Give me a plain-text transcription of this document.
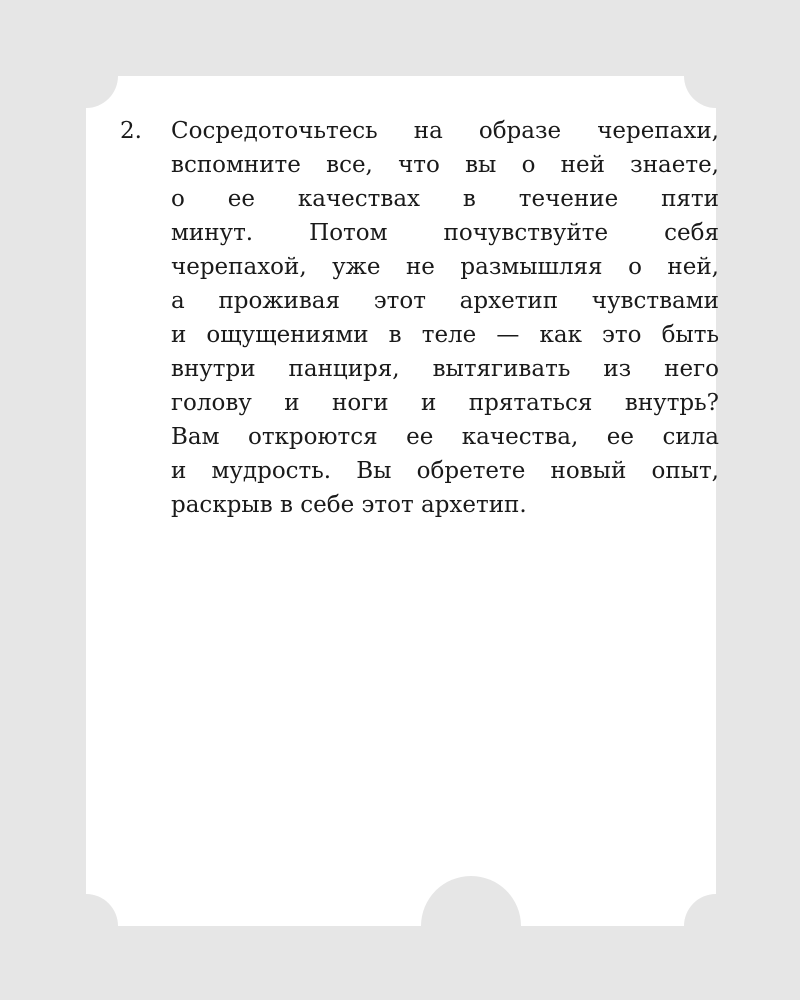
2. Сосредоточьтесь на образе черепахи,
вспомните все, что вы о ней знаете,
о ее качествах в течение пяти
минут. Потом почувствуйте себя
черепахой, уже не размышляя о ней,
а проживая этот архетип чувствами
и ощущениями в теле — как это быть
внутри панциря, вытягивать из него
голову и ноги и прятаться внутрь?
Вам откроются ее качества, ее сила
и мудрость. Вы обретете новый опыт,
раскрыв в себе этот архетип.
